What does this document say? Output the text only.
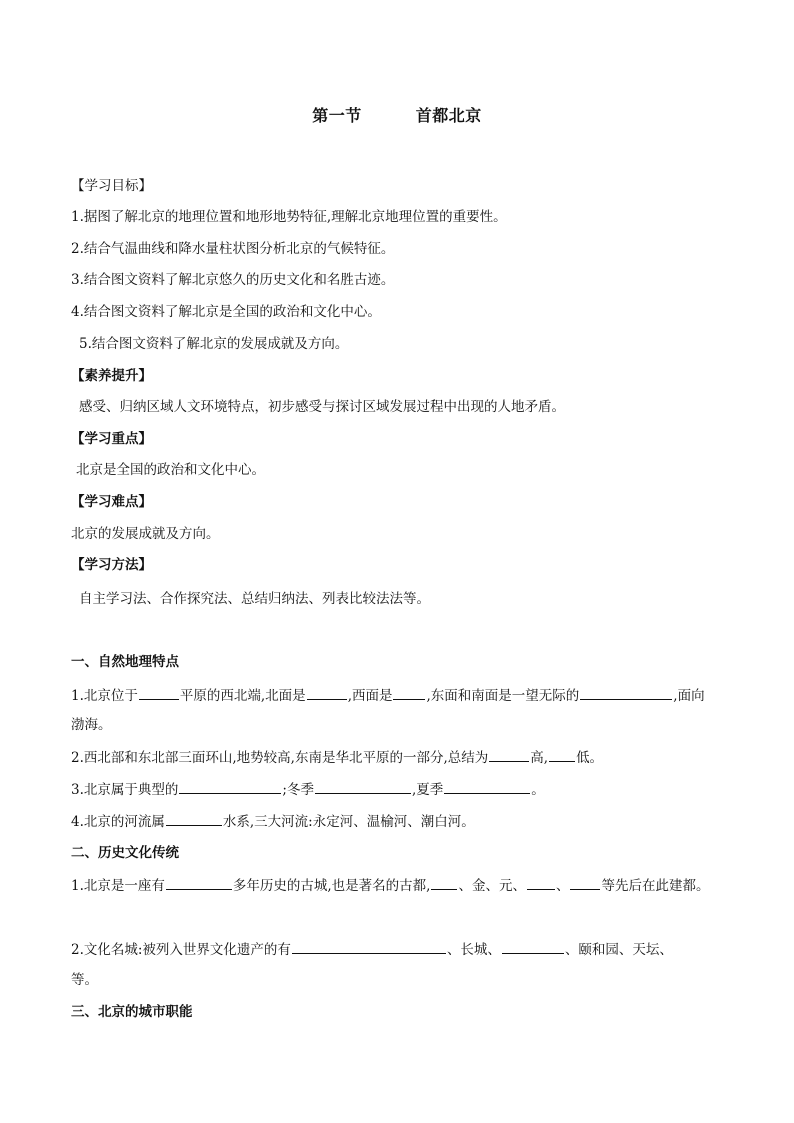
第一节	首都北京
【学习目标】
1.据图了解北京的地理位置和地形地势特征,理解北京地理位置的重要性。
2.结合气温曲线和降水量柱状图分析北京的气候特征。
3.结合图文资料了解北京悠久的历史文化和名胜古迹。
4.结合图文资料了解北京是全国的政治和文化中心。
5.结合图文资料了解北京的发展成就及方向。
【素养提升】
感受、归纳区域人文环境特点，初步感受与探讨区域发展过程中出现的人地矛盾。
【学习重点】
北京是全国的政治和文化中心。
【学习难点】
北京的发展成就及方向。
【学习方法】
自主学习法、合作探究法、总结归纳法、列表比较法法等。
一、自然地理特点
1.北京位于	平原的西北端,北面是	,西面是	,东面和南面是一望无际的	,面向
渤海。
2.西北部和东北部三面环山,地势较高,东南是华北平原的一部分,总结为	高, 低。
3.北京属于典型的	;冬季	,夏季	。
4.北京的河流属	水系,三大河流:永定河、温榆河、潮白河。
二、历史文化传统
1.北京是一座有	多年历史的古城,也是著名的古都, 、金、元、 、 等先后在此建都。
2.文化名城:被列入世界文化遗产的有	、长城、	、颐和园、天坛、
等。
三、北京的城市职能
